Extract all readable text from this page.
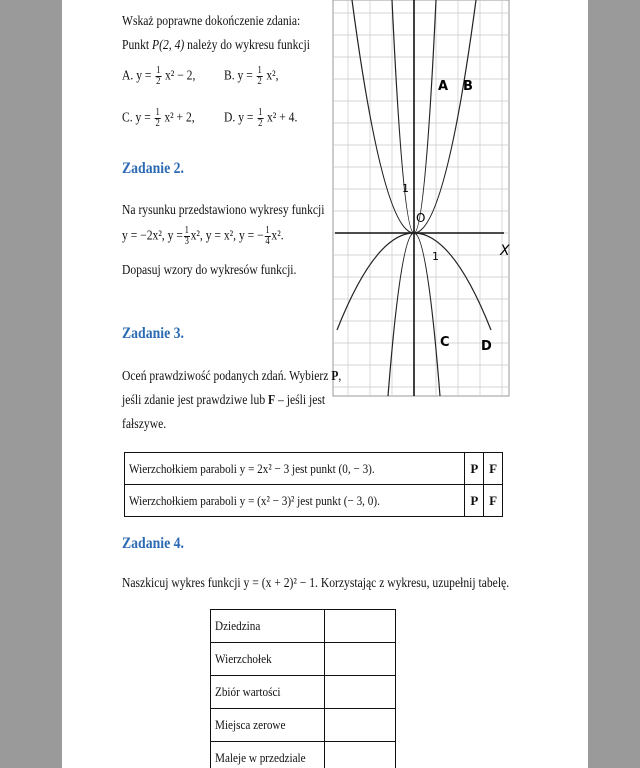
Wskaż poprawne dokończenie zdania:
Punkt P(2, 4) należy do wykresu funkcji
A. $y = \frac{1}{2} x^2 - 2$, B. $y = \frac{1}{2} x^2$,
C. $y = \frac{1}{2} x^2 + 2$, D. $y = \frac{1}{2} x^2 + 4$.
Zadanie 2.
Na rysunku przedstawiono wykresy funkcji
y = −2x², $y = \frac{1}{3} x^2$, y = x², y = − $\frac{1}{4} x^2$.
Dopasuj wzory do wykresów funkcji.
A B
C D
1
1
O
X
Zadanie 3.
Oceń prawdziwość podanych zdań. Wybierz P,
jeśli zdanie jest prawdziwe lub F – jeśli jest
fałszywe.
Wierzchołkiem paraboli y = 2x² − 3 jest punkt (0, − 3).	P	F
Wierzchołkiem paraboli y = (x² − 3)² jest punkt (− 3, 0).	P	F
Zadanie 4.
Naszkicuj wykres funkcji y = (x + 2)² − 1. Korzystając z wykresu, uzupełnij tabelę.
Dziedzina	
Wierzchołek	
Zbiór wartości	
Miejsca zerowe	
Maleje w przedziale	
